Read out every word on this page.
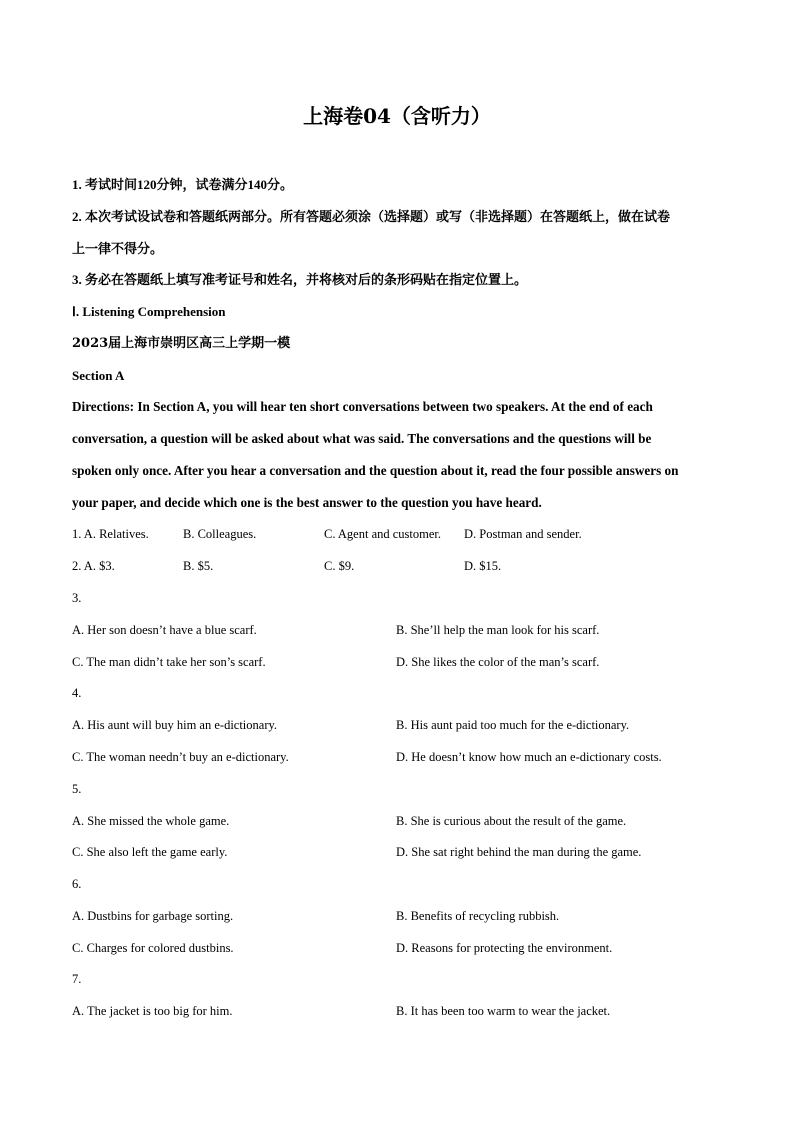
上海卷04（含听力）
1. 考试时间120分钟，试卷满分140分。
2. 本次考试设试卷和答题纸两部分。所有答题必须涂（选择题）或写（非选择题）在答题纸上，做在试卷
上一律不得分。
3. 务必在答题纸上填写准考证号和姓名，并将核对后的条形码贴在指定位置上。
Ⅰ. Listening Comprehension
2023届上海市崇明区高三上学期一模
Section A
Directions: In Section A, you will hear ten short conversations between two speakers. At the end of each
conversation, a question will be asked about what was said. The conversations and the questions will be
spoken only once. After you hear a conversation and the question about it, read the four possible answers on
your paper, and decide which one is the best answer to the question you have heard.
1. A. Relatives.	B. Colleagues.	C. Agent and customer. D. Postman and sender.
2. A. $3.	B. $5.	C. $9.	D. $15.
3.
A. Her son doesn’t have a blue scarf.	B. She’ll help the man look for his scarf.
C. The man didn’t take her son’s scarf.	D. She likes the color of the man’s scarf.
4.
A. His aunt will buy him an e-dictionary.	B. His aunt paid too much for the e-dictionary.
C. The woman needn’t buy an e-dictionary.	D. He doesn’t know how much an e-dictionary costs.
5.
A. She missed the whole game.	B. She is curious about the result of the game.
C. She also left the game early.	D. She sat right behind the man during the game.
6.
A. Dustbins for garbage sorting.	B. Benefits of recycling rubbish.
C. Charges for colored dustbins.	D. Reasons for protecting the environment.
7.
A. The jacket is too big for him.	B. It has been too warm to wear the jacket.
